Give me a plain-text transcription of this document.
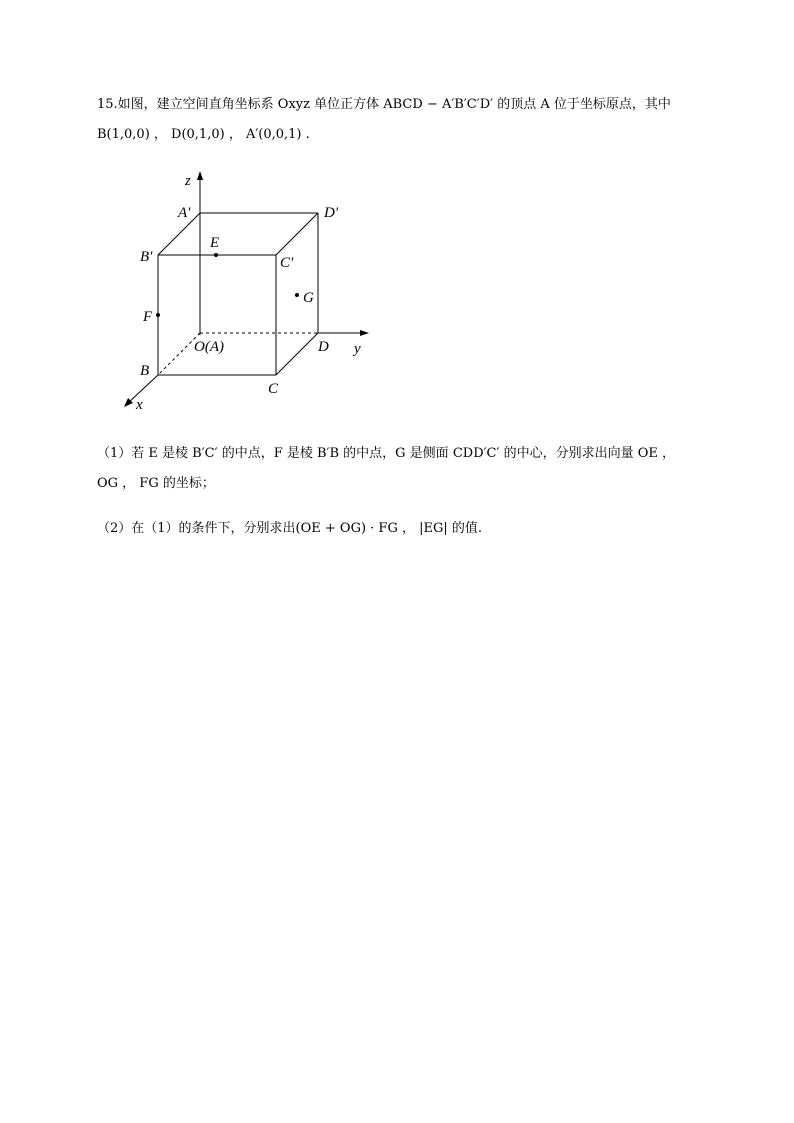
15.如图，建立空间直角坐标系 Oxyz 单位正方体 ABCD − A′B′C′D′ 的顶点 A 位于坐标原点，其中
B(1,0,0) ， D(0,1,0) ， A′(0,0,1) .
z
A′	D′
E
B′	C′
G
F
O(A)	D y
B
C
x
（1）若 E 是棱 B′C′ 的中点，F 是棱 B′B 的中点，G 是侧面 CDD′C′ 的中心，分别求出向量 OE ，
OG ， FG 的坐标；
（2）在（1）的条件下，分别求出(OE + OG) · FG ， |EG| 的值.
